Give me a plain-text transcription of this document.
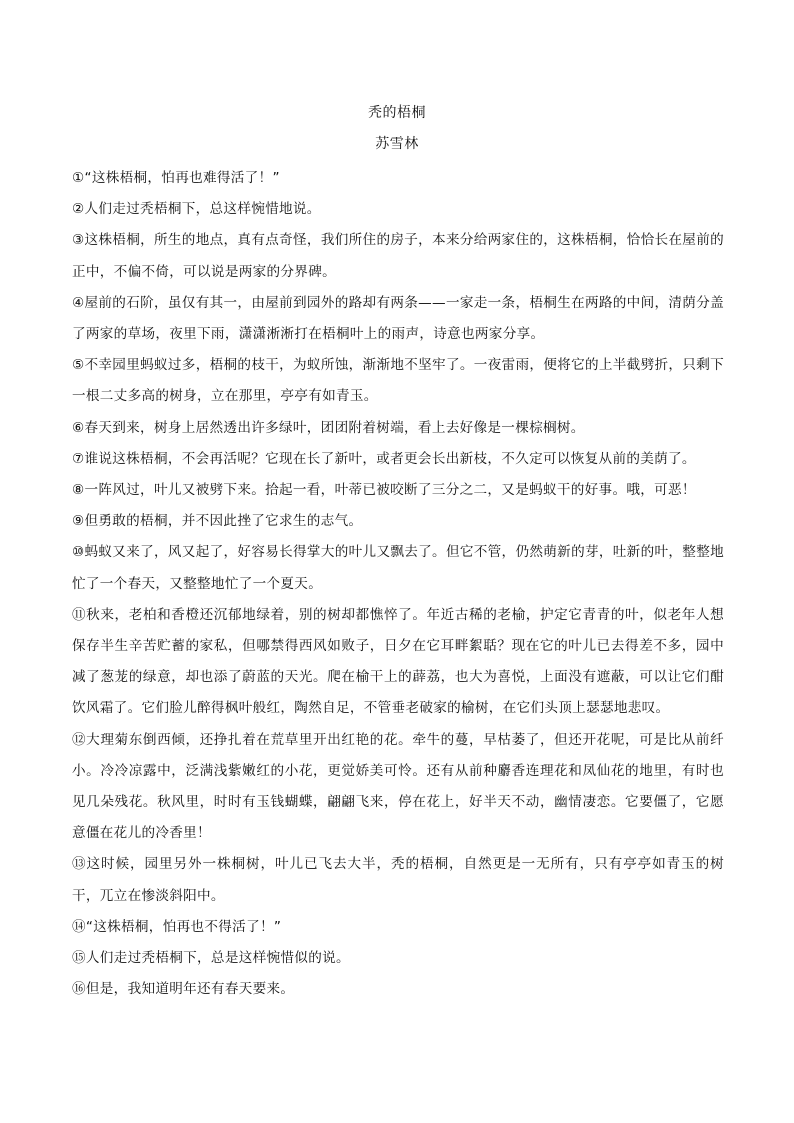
秃的梧桐
苏雪林

①“这株梧桐，怕再也难得活了！”

②人们走过秃梧桐下，总这样惋惜地说。

③这株梧桐，所生的地点，真有点奇怪，我们所住的房子，本来分给两家住的，这株梧桐，恰恰长在屋前的正中，不偏不倚，可以说是两家的分界碑。

④屋前的石阶，虽仅有其一，由屋前到园外的路却有两条——一家走一条，梧桐生在两路的中间，清荫分盖了两家的草场，夜里下雨，潇潇淅淅打在梧桐叶上的雨声，诗意也两家分享。

⑤不幸园里蚂蚁过多，梧桐的枝干，为蚁所蚀，渐渐地不坚牢了。一夜雷雨，便将它的上半截劈折，只剩下一根二丈多高的树身，立在那里，亭亭有如青玉。

⑥春天到来，树身上居然透出许多绿叶，团团附着树端，看上去好像是一棵棕榈树。

⑦谁说这株梧桐，不会再活呢？它现在长了新叶，或者更会长出新枝，不久定可以恢复从前的美荫了。

⑧一阵风过，叶儿又被劈下来。拾起一看，叶蒂已被咬断了三分之二，又是蚂蚁干的好事。哦，可恶！

⑨但勇敢的梧桐，并不因此挫了它求生的志气。

⑩蚂蚁又来了，风又起了，好容易长得掌大的叶儿又飘去了。但它不管，仍然萌新的芽，吐新的叶，整整地忙了一个春天，又整整地忙了一个夏天。

⑪秋来，老柏和香橙还沉郁地绿着，别的树却都憔悴了。年近古稀的老榆，护定它青青的叶，似老年人想保存半生辛苦贮蓄的家私，但哪禁得西风如败子，日夕在它耳畔絮聒？现在它的叶儿已去得差不多，园中减了葱茏的绿意，却也添了蔚蓝的天光。爬在榆干上的薜荔，也大为喜悦，上面没有遮蔽，可以让它们酣饮风霜了。它们脸儿醉得枫叶般红，陶然自足，不管垂老破家的榆树，在它们头顶上瑟瑟地悲叹。

⑫大理菊东倒西倾，还挣扎着在荒草里开出红艳的花。牵牛的蔓，早枯萎了，但还开花呢，可是比从前纤小。冷冷凉露中，泛满浅紫嫩红的小花，更觉娇美可怜。还有从前种麝香连理花和凤仙花的地里，有时也见几朵残花。秋风里，时时有玉钱蝴蝶，翩翩飞来，停在花上，好半天不动，幽情凄恋。它要僵了，它愿意僵在花儿的冷香里！

⑬这时候，园里另外一株桐树，叶儿已飞去大半，秃的梧桐，自然更是一无所有，只有亭亭如青玉的树干，兀立在惨淡斜阳中。

⑭“这株梧桐，怕再也不得活了！”

⑮人们走过秃梧桐下，总是这样惋惜似的说。

⑯但是，我知道明年还有春天要来。
